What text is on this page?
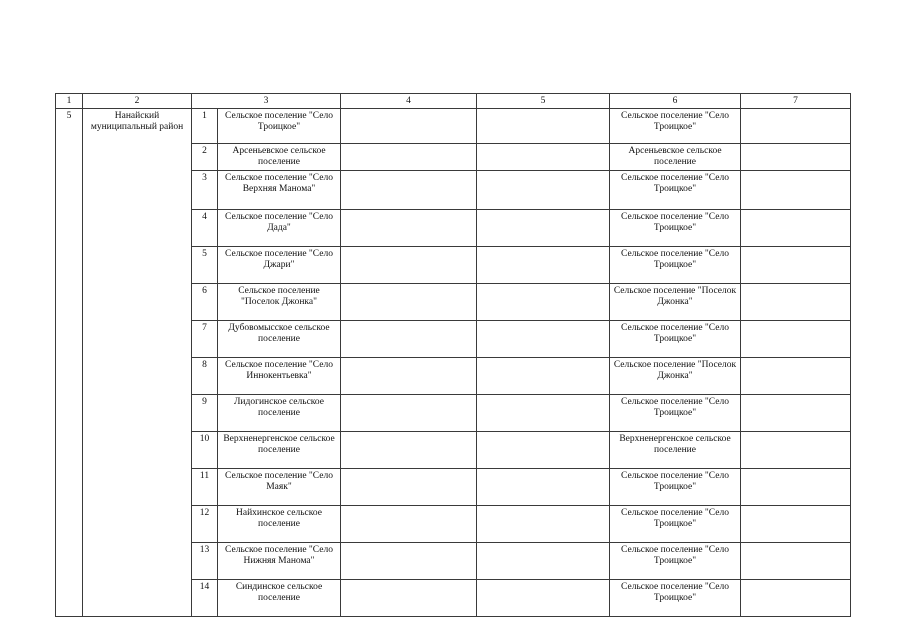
1	2	3		4	5	6	7
5	Нанайский муниципальный район	1	Сельское поселение "Село Троицкое"			Сельское поселение "Село Троицкое"	
		2	Арсеньевское сельское поселение			Арсеньевское сельское поселение	
		3	Сельское поселение "Село Верхняя Манома"			Сельское поселение "Село Троицкое"	
		4	Сельское поселение "Село Дада"			Сельское поселение "Село Троицкое"	
		5	Сельское поселение "Село Джари"			Сельское поселение "Село Троицкое"	
		6	Сельское поселение "Поселок Джонка"			Сельское поселение "Поселок Джонка"	
		7	Дубовомысское сельское поселение			Сельское поселение "Село Троицкое"	
		8	Сельское поселение "Село Иннокентьевка"			Сельское поселение "Поселок Джонка"	
		9	Лидогинское сельское поселение			Сельское поселение "Село Троицкое"	
		10	Верхненергенское сельское поселение			Верхненергенское сельское поселение	
		11	Сельское поселение "Село Маяк"			Сельское поселение "Село Троицкое"	
		12	Найхинское сельское поселение			Сельское поселение "Село Троицкое"	
		13	Сельское поселение "Село Нижняя Манома"			Сельское поселение "Село Троицкое"	
		14	Синдинское сельское поселение			Сельское поселение "Село Троицкое"	
